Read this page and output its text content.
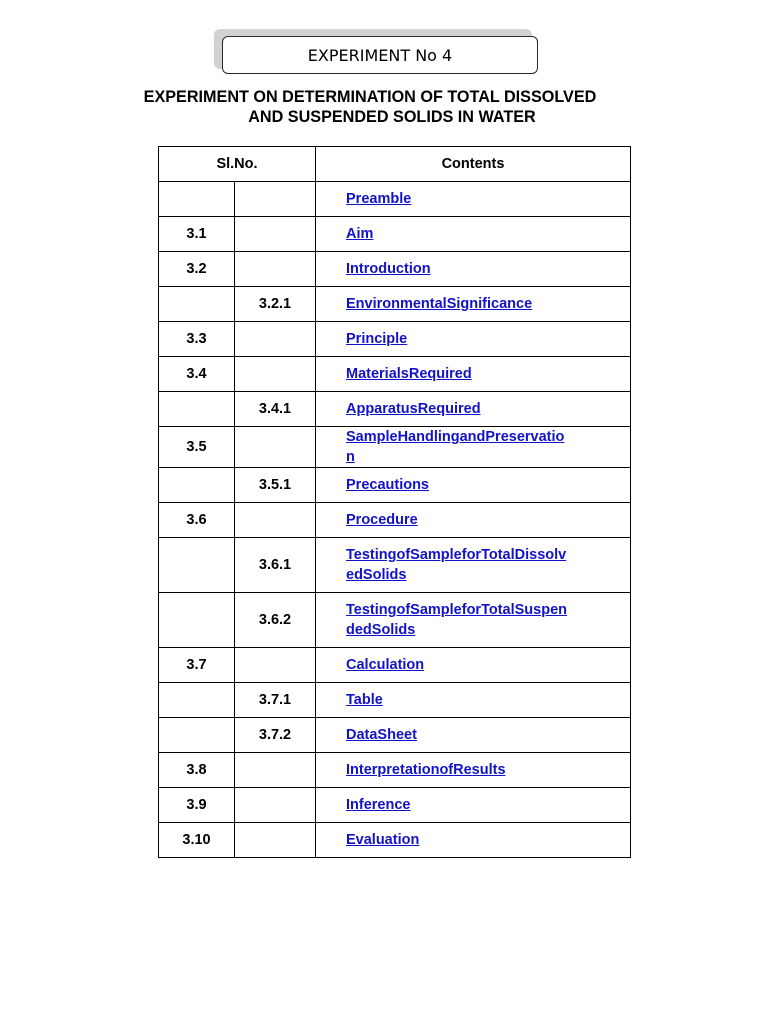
EXPERIMENT No 4
EXPERIMENT ON DETERMINATION OF TOTAL DISSOLVED
AND SUSPENDED SOLIDS IN WATER
Sl.No.		Contents
		Preamble
3.1		Aim
3.2		Introduction
	3.2.1	EnvironmentalSignificance
3.3		Principle
3.4		MaterialsRequired
	3.4.1	ApparatusRequired
3.5		SampleHandlingandPreservation
	3.5.1	Precautions
3.6		Procedure
	3.6.1	TestingofSampleforTotalDissolvedSolids
	3.6.2	TestingofSampleforTotalSuspendedSolids
3.7		Calculation
	3.7.1	Table
	3.7.2	DataSheet
3.8		InterpretationofResults
3.9		Inference
3.10		Evaluation
